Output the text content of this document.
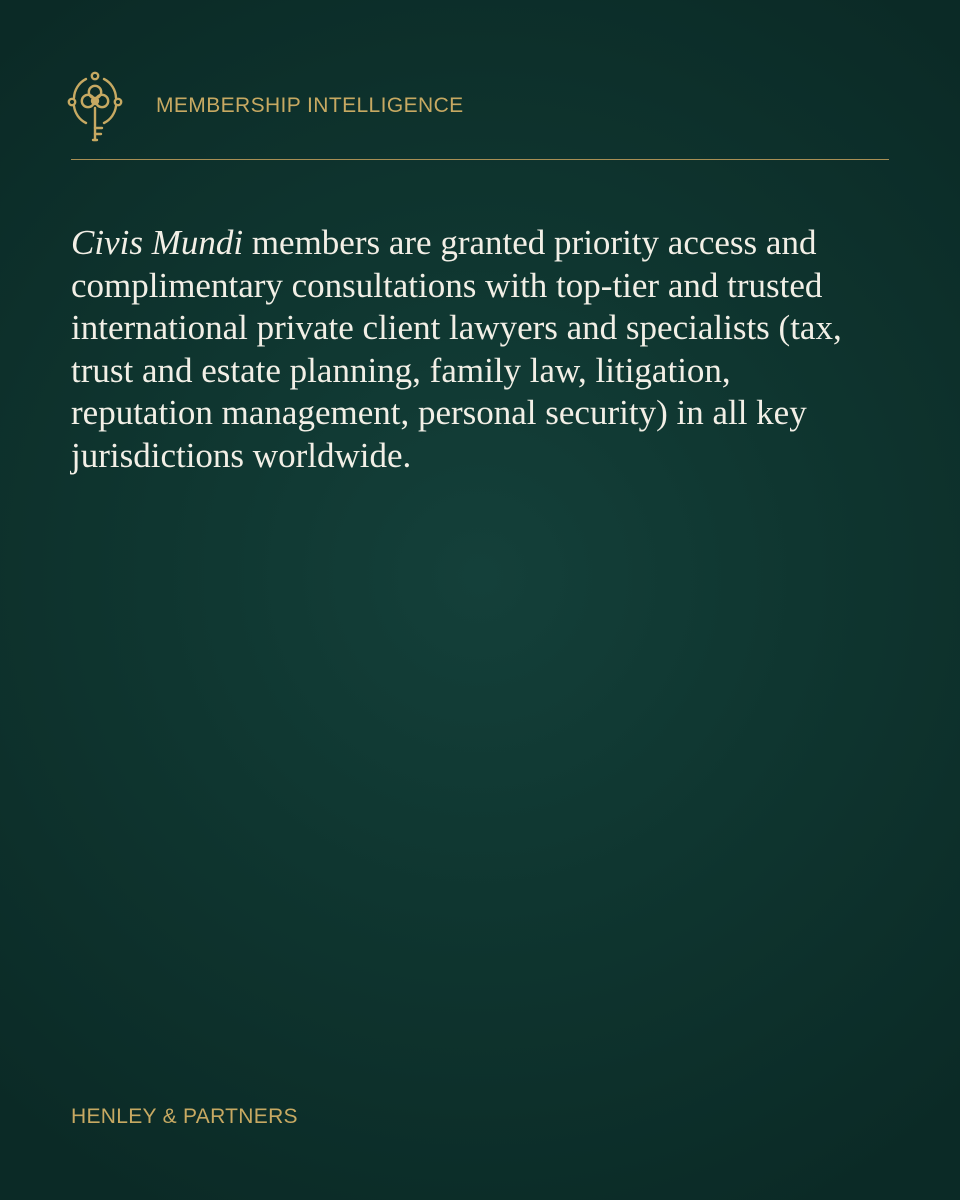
MEMBERSHIP INTELLIGENCE

Civis Mundi members are granted priority access and complimentary consultations with top-tier and trusted international private client lawyers and specialists (tax, trust and estate planning, family law, litigation, reputation management, personal security) in all key jurisdictions worldwide.

HENLEY & PARTNERS
